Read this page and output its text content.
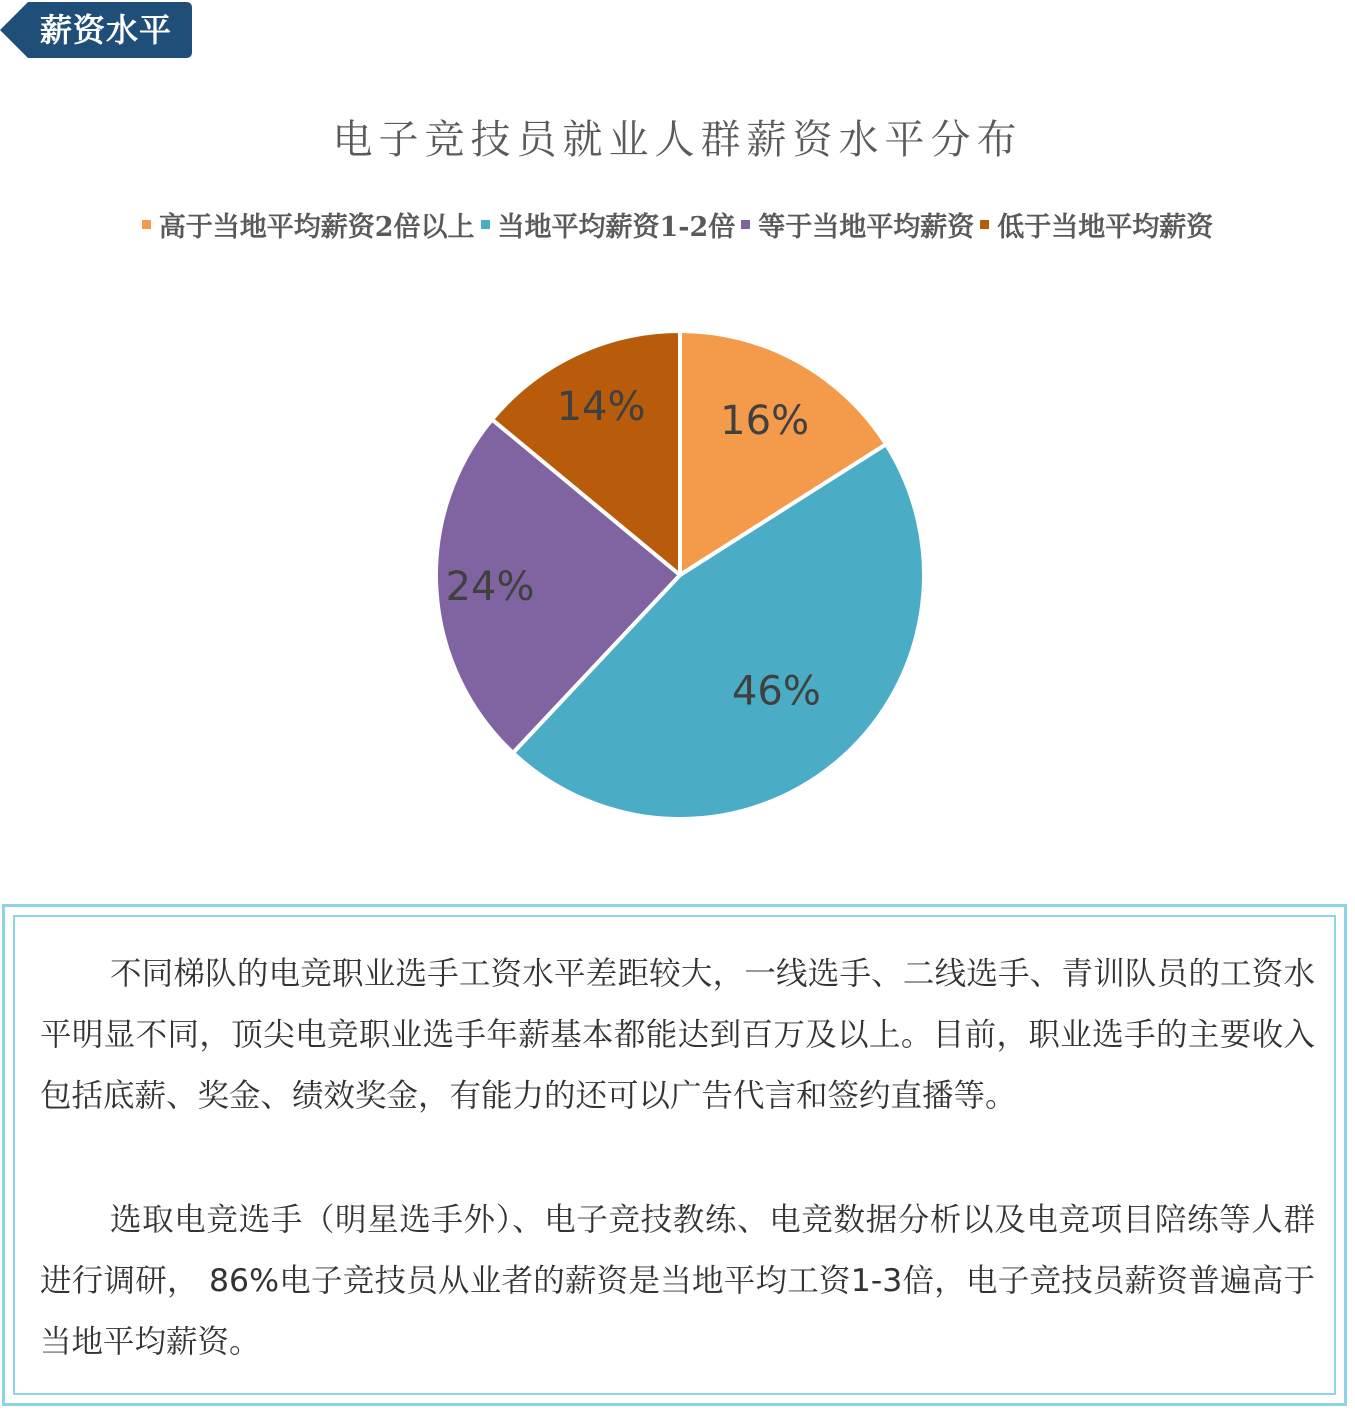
薪资水平
电子竞技员就业人群薪资水平分布
高于当地平均薪资2倍以上 当地平均薪资1-2倍 等于当地平均薪资 低于当地平均薪资
16%
46%
24%
14%

不同梯队的电竞职业选手工资水平差距较大，一线选手、二线选手、青训队员的工资水平明显不同，顶尖电竞职业选手年薪基本都能达到百万及以上。目前，职业选手的主要收入包括底薪、奖金、绩效奖金，有能力的还可以广告代言和签约直播等。

选取电竞选手（明星选手外）、电子竞技教练、电竞数据分析以及电竞项目陪练等人群进行调研， 86%电子竞技员从业者的薪资是当地平均工资1-3倍，电子竞技员薪资普遍高于当地平均薪资。
